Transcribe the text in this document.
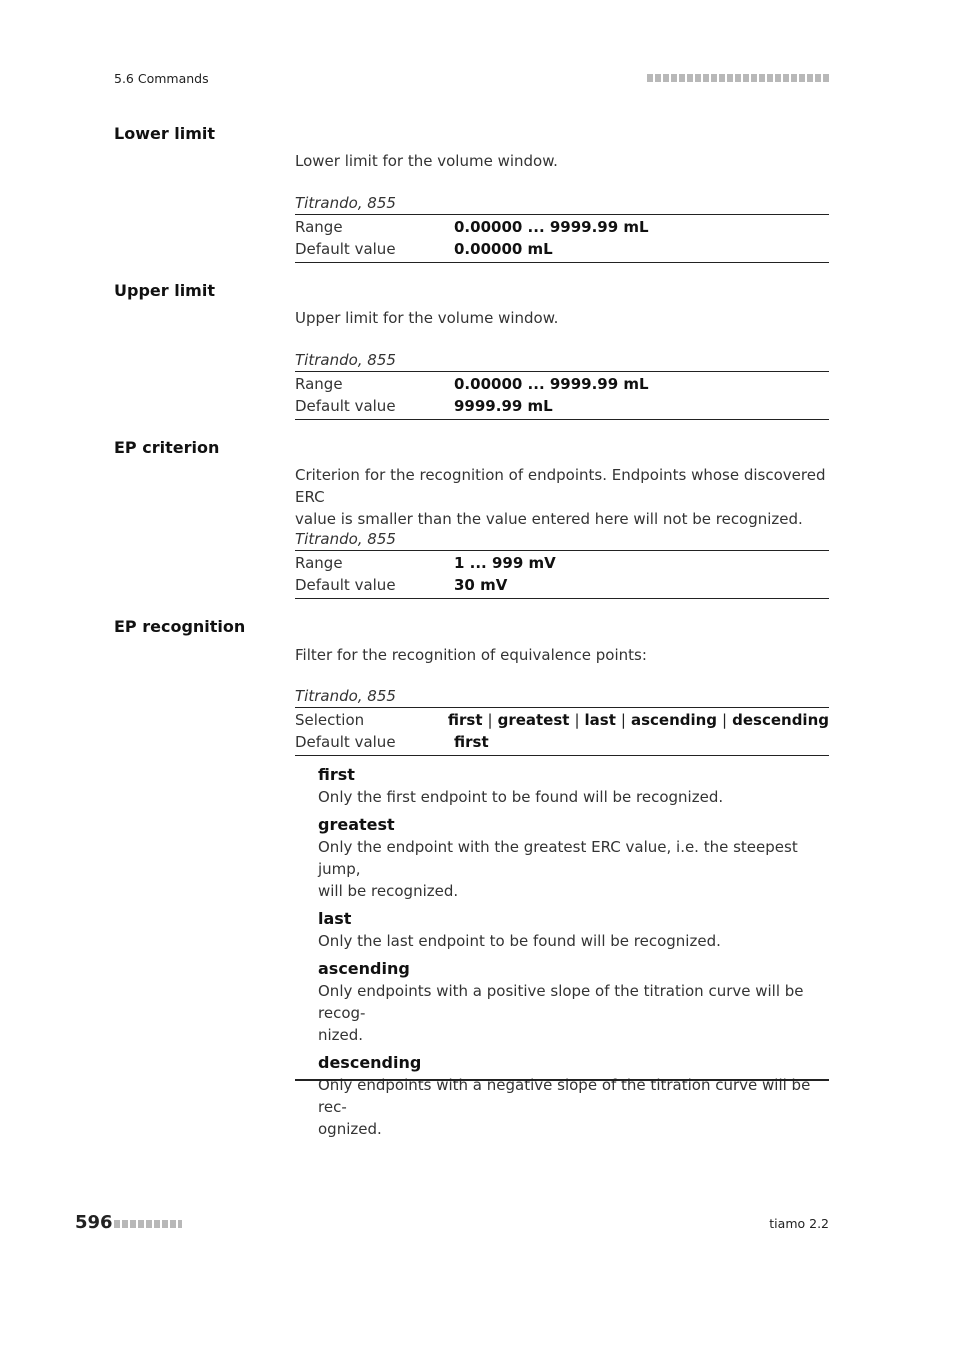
5.6 Commands
Lower limit
Lower limit for the volume window.
Titrando, 855
Range	0.00000 ... 9999.99 mL
Default value	0.00000 mL
Upper limit
Upper limit for the volume window.
Titrando, 855
Range	0.00000 ... 9999.99 mL
Default value	9999.99 mL
EP criterion
Criterion for the recognition of endpoints. Endpoints whose discovered ERC
value is smaller than the value entered here will not be recognized.
Titrando, 855
Range	1 ... 999 mV
Default value	30 mV
EP recognition
Filter for the recognition of equivalence points:
Titrando, 855
Selection	first | greatest | last | ascending | descending
Default value	first
first
Only the first endpoint to be found will be recognized.
greatest
Only the endpoint with the greatest ERC value, i.e. the steepest jump,
will be recognized.
last
Only the last endpoint to be found will be recognized.
ascending
Only endpoints with a positive slope of the titration curve will be recog-
nized.
descending
Only endpoints with a negative slope of the titration curve will be rec-
ognized.
596	tiamo 2.2
